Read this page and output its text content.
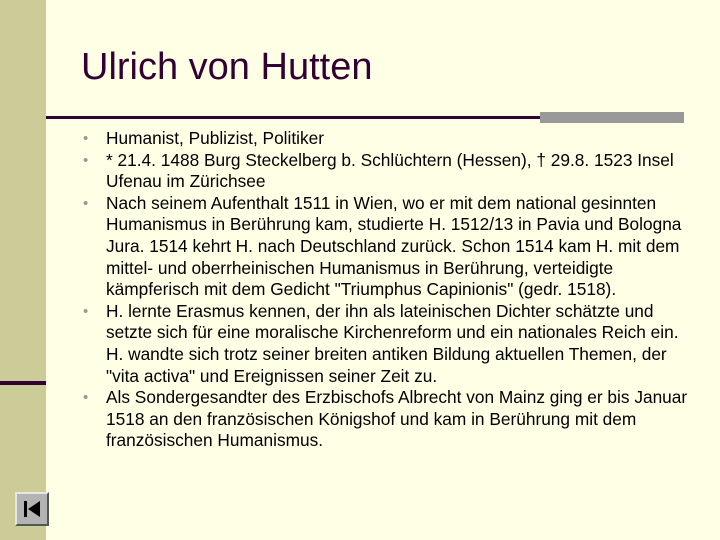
Ulrich von Hutten
• Humanist, Publizist, Politiker
• * 21.4. 1488 Burg Steckelberg b. Schlüchtern (Hessen), † 29.8. 1523 Insel Ufenau im Zürichsee
• Nach seinem Aufenthalt 1511 in Wien, wo er mit dem national gesinnten Humanismus in Berührung kam, studierte H. 1512/13 in Pavia und Bologna Jura. 1514 kehrt H. nach Deutschland zurück. Schon 1514 kam H. mit dem mittel- und oberrheinischen Humanismus in Berührung, verteidigte kämpferisch mit dem Gedicht "Triumphus Capinionis" (gedr. 1518).
• H. lernte Erasmus kennen, der ihn als lateinischen Dichter schätzte und setzte sich für eine moralische Kirchenreform und ein nationales Reich ein. H. wandte sich trotz seiner breiten antiken Bildung aktuellen Themen, der "vita activa" und Ereignissen seiner Zeit zu.
• Als Sondergesandter des Erzbischofs Albrecht von Mainz ging er bis Januar 1518 an den französischen Königshof und kam in Berührung mit dem französischen Humanismus.
